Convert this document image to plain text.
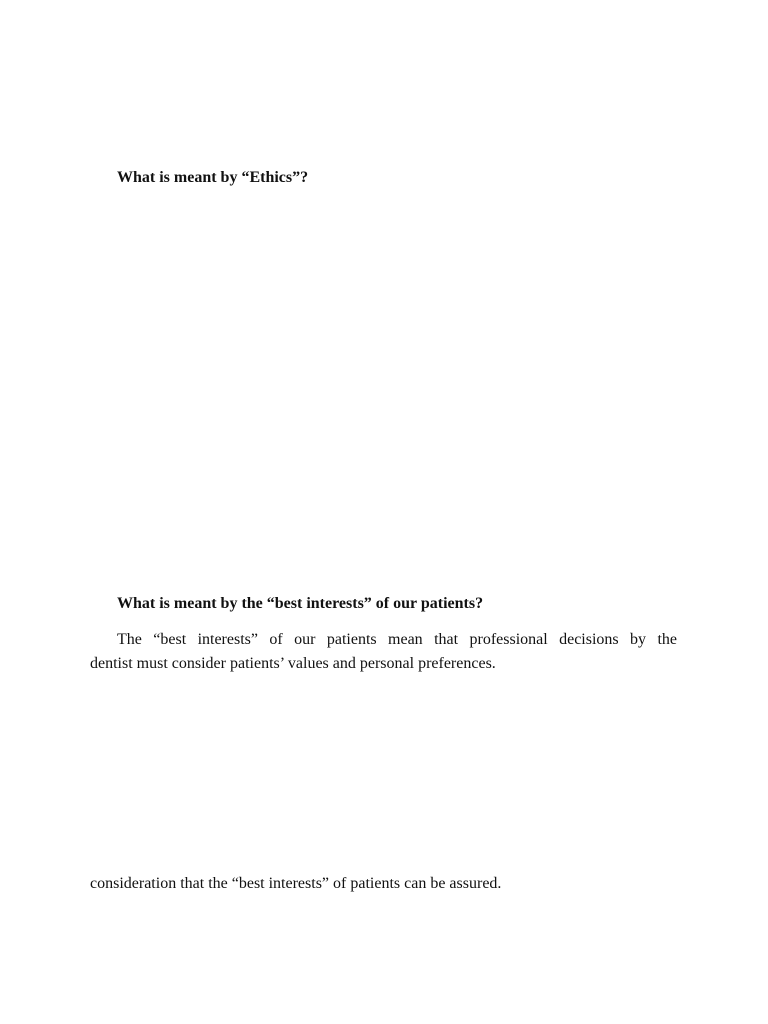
What is meant by “Ethics”?
What is meant by the “best interests” of our patients?
The “best interests” of our patients mean that professional decisions by the
dentist must consider patients’ values and personal preferences.
consideration that the “best interests” of patients can be assured.
